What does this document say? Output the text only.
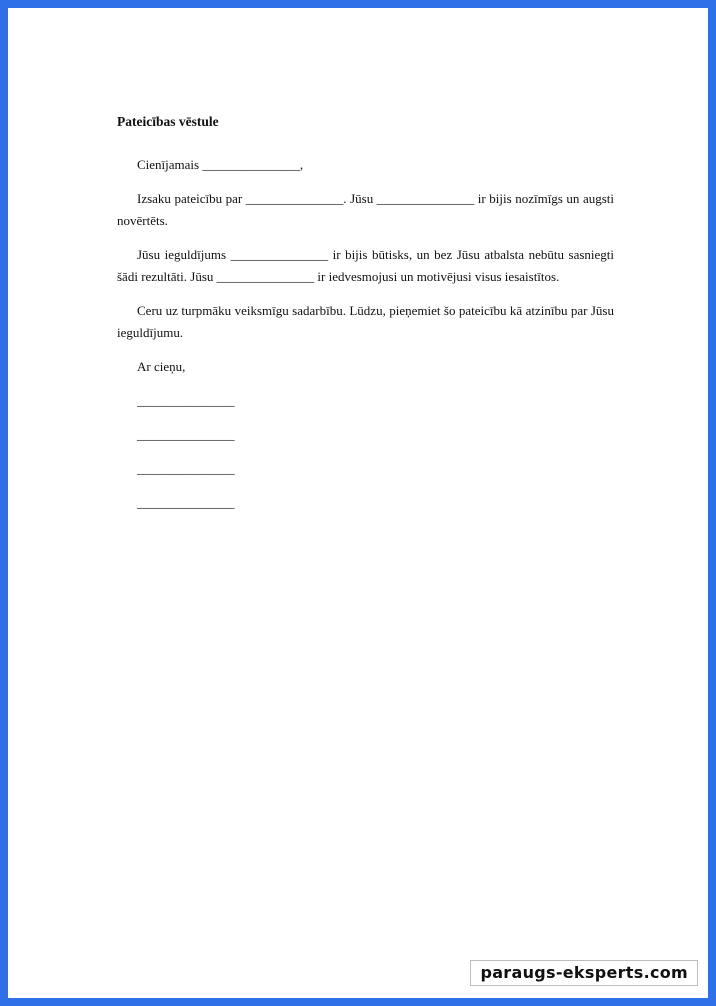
Pateicības vēstule

Cienījamais _______________,

Izsaku pateicību par _______________. Jūsu _______________ ir bijis nozīmīgs un augsti novērtēts.

Jūsu ieguldījums _______________ ir bijis būtisks, un bez Jūsu atbalsta nebūtu sasniegti šādi rezultāti. Jūsu _______________ ir iedvesmojusi un motivējusi visus iesaistītos.

Ceru uz turpmāku veiksmīgu sadarbību. Lūdzu, pieņemiet šo pateicību kā atzinību par Jūsu ieguldījumu.

Ar cieņu,

_______________
_______________
_______________
_______________
paraugs-eksperts.com
